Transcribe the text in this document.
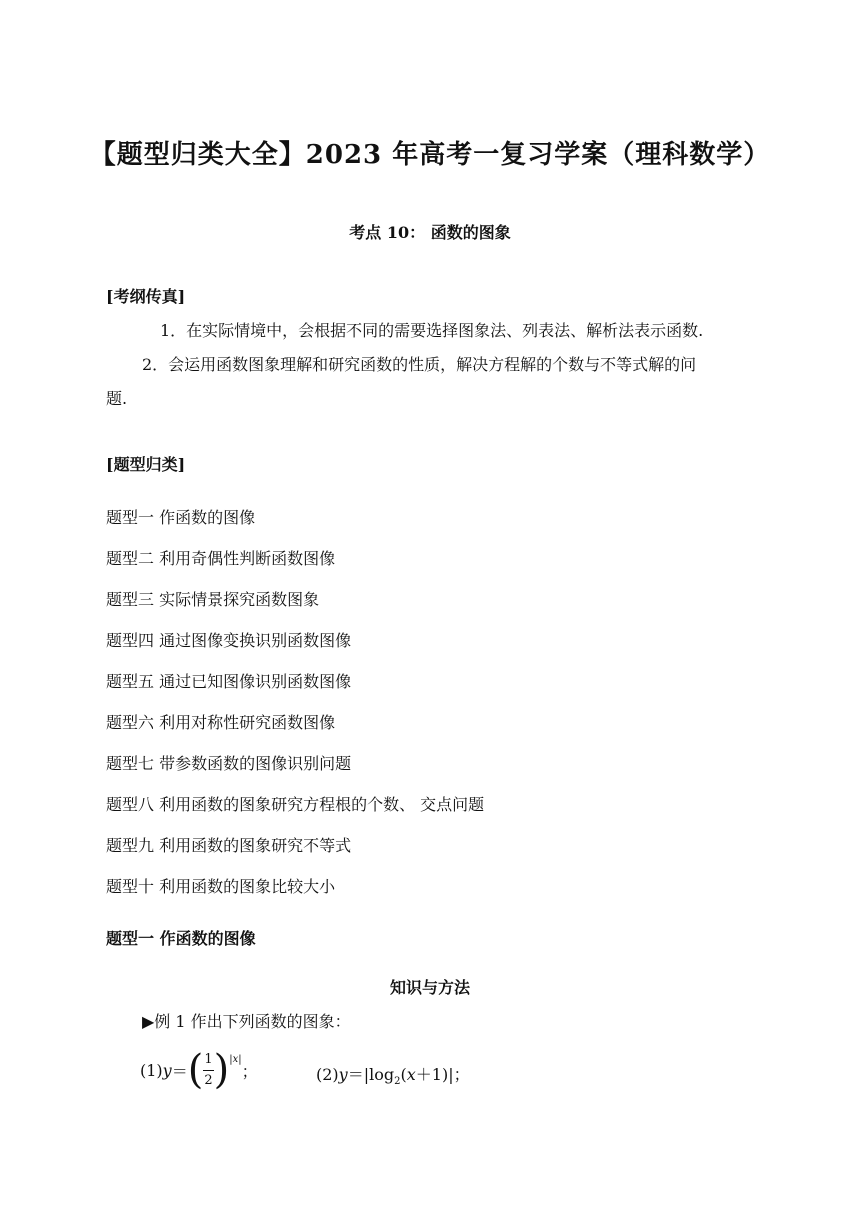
【题型归类大全】2023 年高考一复习学案（理科数学）
考点 10： 函数的图象
[考纲传真]
1．在实际情境中，会根据不同的需要选择图象法、列表法、解析法表示函数.
2．会运用函数图象理解和研究函数的性质，解决方程解的个数与不等式解的问
题.
[题型归类]
题型一 作函数的图像
题型二 利用奇偶性判断函数图像
题型三 实际情景探究函数图象
题型四 通过图像变换识别函数图像
题型五 通过已知图像识别函数图像
题型六 利用对称性研究函数图像
题型七 带参数函数的图像识别问题
题型八 利用函数的图象研究方程根的个数、 交点问题
题型九 利用函数的图象研究不等式
题型十 利用函数的图象比较大小
题型一 作函数的图像
知识与方法
▶例 1 作出下列函数的图象：
(1) y ＝ ( $\frac{1}{2}$ ) |x|
；	$(2)y=|\log_2(x+1)|$；
